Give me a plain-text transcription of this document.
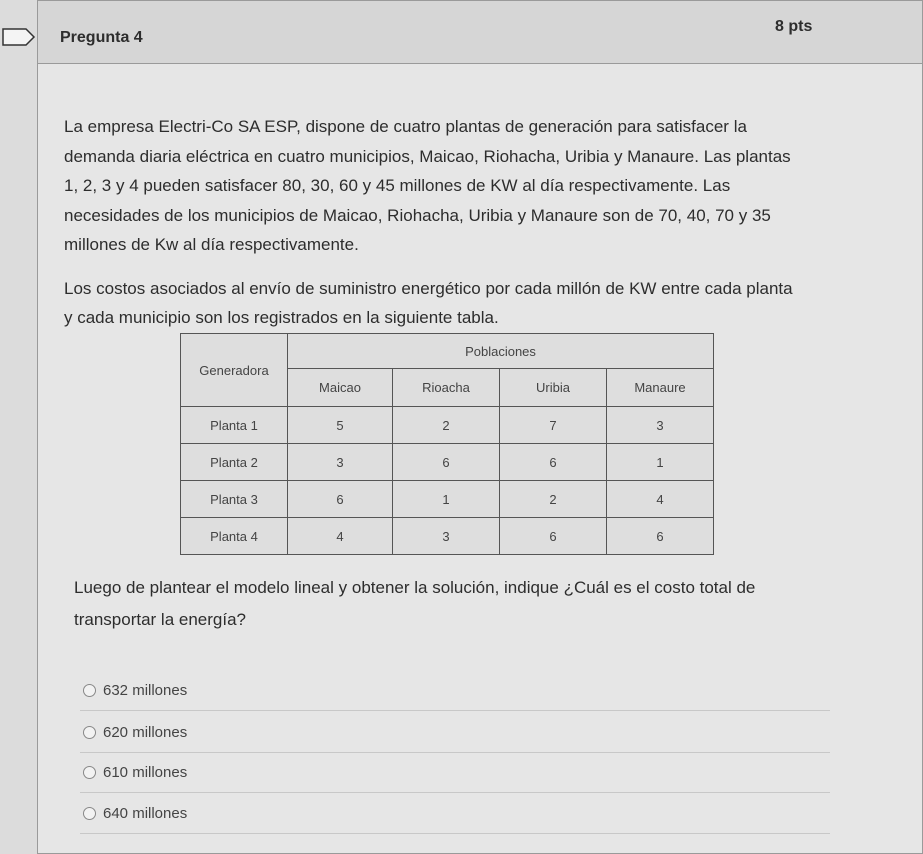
Pregunta 4
8 pts

La empresa Electri-Co SA ESP, dispone de cuatro plantas de generación para satisfacer la demanda diaria eléctrica en cuatro municipios, Maicao, Riohacha, Uribia y Manaure. Las plantas 1, 2, 3 y 4 pueden satisfacer 80, 30, 60 y 45 millones de KW al día respectivamente. Las necesidades de los municipios de Maicao, Riohacha, Uribia y Manaure son de 70, 40, 70 y 35 millones de Kw al día respectivamente.

Los costos asociados al envío de suministro energético por cada millón de KW entre cada planta y cada municipio son los registrados en la siguiente tabla.

Generadora	Poblaciones			
	Maicao	Rioacha	Uribia	Manaure
Planta 1	5	2	7	3
Planta 2	3	6	6	1
Planta 3	6	1	2	4
Planta 4	4	3	6	6
Luego de plantear el modelo lineal y obtener la solución, indique ¿Cuál es el costo total de transportar la energía?
632 millones
620 millones
610 millones
640 millones
